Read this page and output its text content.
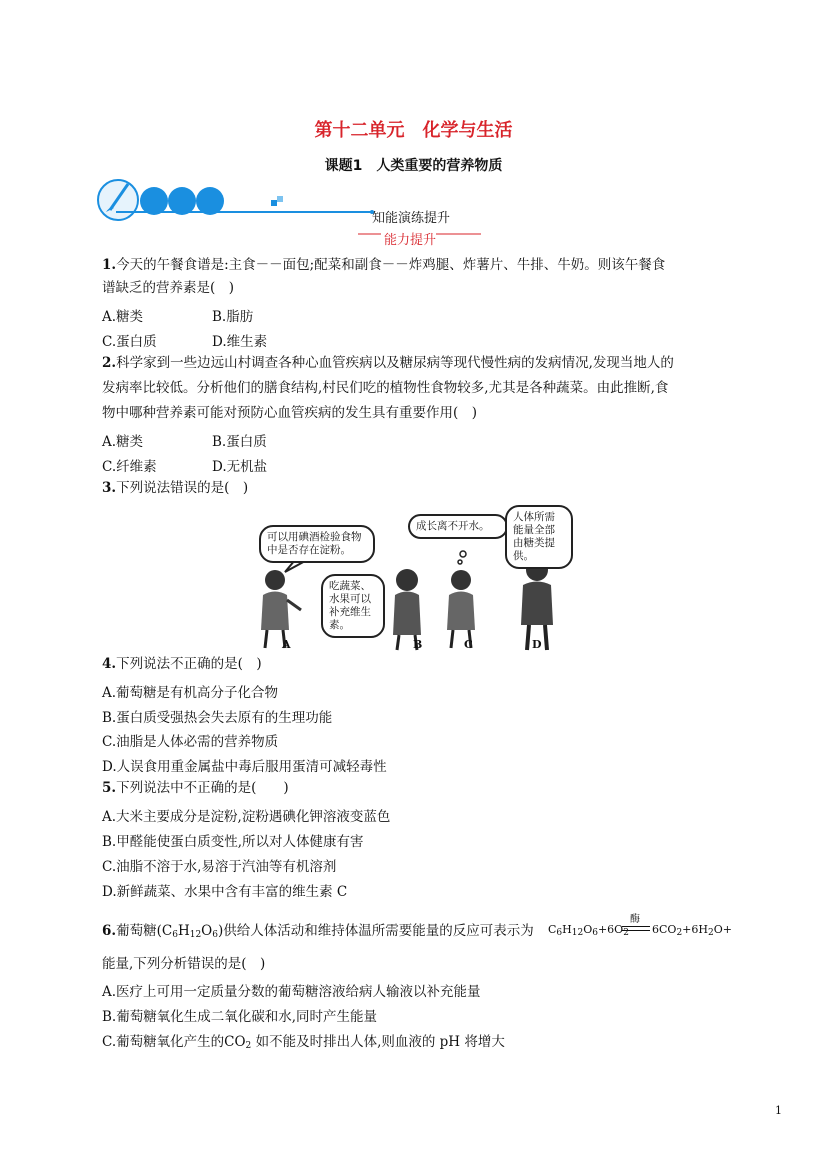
第十二单元　化学与生活
课题1　人类重要的营养物质
知能演练提升
能力提升
1.今天的午餐食谱是:主食－－面包;配菜和副食－－炸鸡腿、炸薯片、牛排、牛奶。则该午餐食
谱缺乏的营养素是(　)
A.糖类	B.脂肪
C.蛋白质	D.维生素
2.科学家到一些边远山村调查各种心血管疾病以及糖尿病等现代慢性病的发病情况,发现当地人的
发病率比较低。分析他们的膳食结构,村民们吃的植物性食物较多,尤其是各种蔬菜。由此推断,食
物中哪种营养素可能对预防心血管疾病的发生具有重要作用(　)
A.糖类	B.蛋白质
C.纤维素	D.无机盐
3.下列说法错误的是(　)
可以用碘酒检验食物中是否存在淀粉。
吃蔬菜、水果可以补充维生素。
成长离不开水。
人体所需能量全部由糖类提供。
A	B	C	D
4.下列说法不正确的是(　)
A.葡萄糖是有机高分子化合物
B.蛋白质受强热会失去原有的生理功能
C.油脂是人体必需的营养物质
D.人误食用重金属盐中毒后服用蛋清可减轻毒性
5.下列说法中不正确的是(　　)
A.大米主要成分是淀粉,淀粉遇碘化钾溶液变蓝色
B.甲醛能使蛋白质变性,所以对人体健康有害
C.油脂不溶于水,易溶于汽油等有机溶剂
D.新鲜蔬菜、水果中含有丰富的维生素 C
6.葡萄糖$(C_6H_{12}O_6)$供给人体活动和维持体温所需要能量的反应可表示为
酶
$C_6H_{12}O_6+6O_2$ $6CO_2+6H_2O+$
能量,下列分析错误的是(　)
A.医疗上可用一定质量分数的葡萄糖溶液给病人输液以补充能量
B.葡萄糖氧化生成二氧化碳和水,同时产生能量
C.葡萄糖氧化产生的$CO_2$ 如不能及时排出人体,则血液的 pH 将增大
1
